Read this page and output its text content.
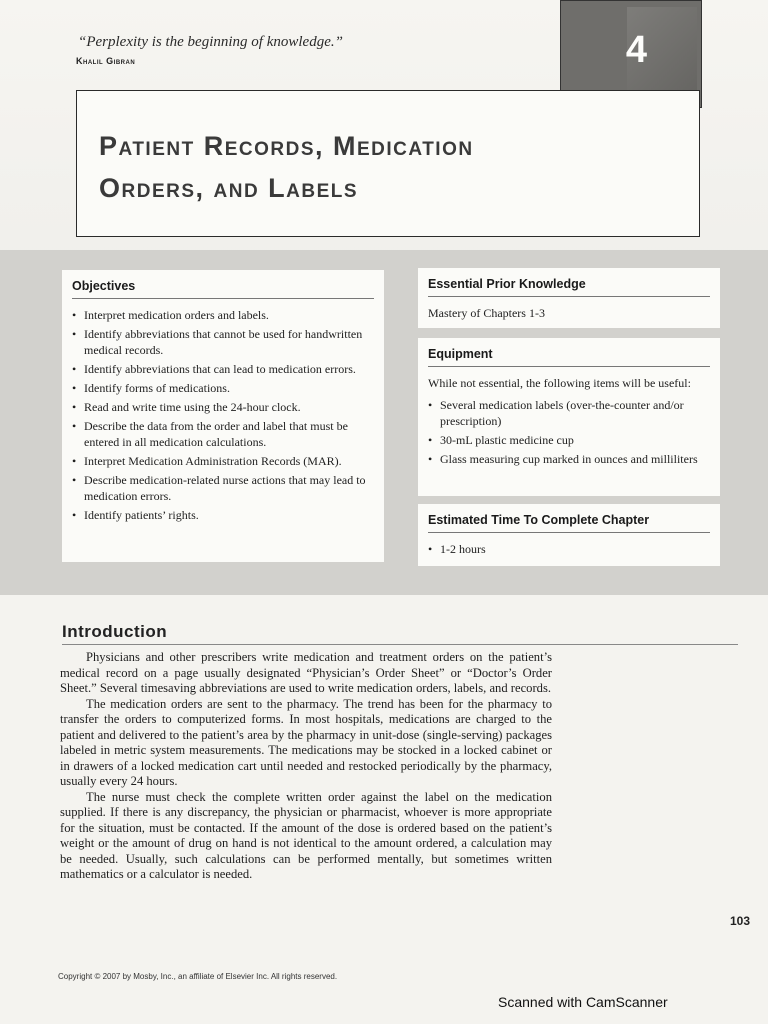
“Perplexity is the beginning of knowledge.”
Khalil Gibran	4
Patient Records, Medication
Orders, and Labels
Objectives
• Interpret medication orders and labels.
• Identify abbreviations that cannot be used for handwritten medical records.
• Identify abbreviations that can lead to medication errors.
• Identify forms of medications.
• Read and write time using the 24-hour clock.
• Describe the data from the order and label that must be entered in all medication calculations.
• Interpret Medication Administration Records (MAR).
• Describe medication-related nurse actions that may lead to medication errors.
• Identify patients’ rights.
Essential Prior Knowledge

Mastery of Chapters 1-3

Equipment

While not essential, the following items will be useful:

• Several medication labels (over-the-counter and/or prescription)
• 30-mL plastic medicine cup
• Glass measuring cup marked in ounces and milliliters
Estimated Time To Complete Chapter
• 1-2 hours
Introduction

Physicians and other prescribers write medication and treatment orders on the patient’s medical record on a page usually designated “Physician’s Order Sheet” or “Doctor’s Order Sheet.” Several timesaving abbreviations are used to write medication orders, labels, and records.

The medication orders are sent to the pharmacy. The trend has been for the pharmacy to transfer the orders to computerized forms. In most hospitals, medications are charged to the patient and delivered to the patient’s area by the pharmacy in unit-dose (single-serving) packages labeled in metric system measurements. The medications may be stocked in a locked cabinet or in drawers of a locked medication cart until needed and restocked periodically by the pharmacy, usually every 24 hours.

The nurse must check the complete written order against the label on the medication supplied. If there is any discrepancy, the physician or pharmacist, whoever is more appropriate for the situation, must be contacted. If the amount of the dose is ordered based on the patient’s weight or the amount of drug on hand is not identical to the amount ordered, a calculation may be needed. Usually, such calculations can be performed mentally, but sometimes written mathematics or a calculator is needed.

103
Copyright © 2007 by Mosby, Inc., an affiliate of Elsevier Inc. All rights reserved.
Scanned with CamScanner
